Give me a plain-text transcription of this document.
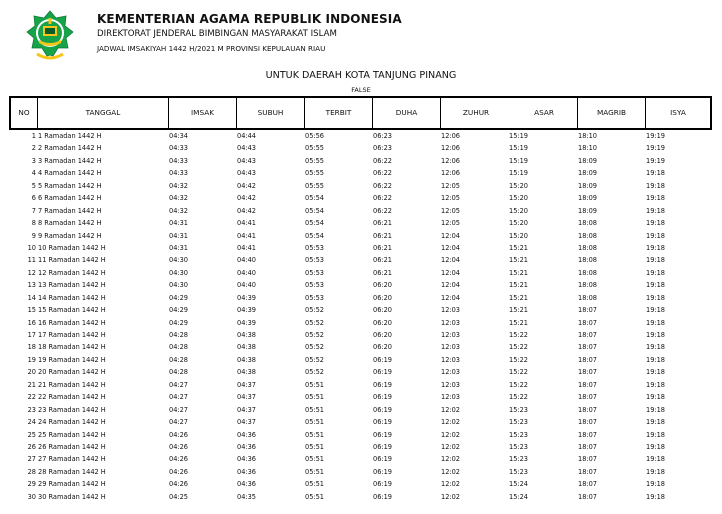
KEMENTERIAN AGAMA REPUBLIK INDONESIA
DIREKTORAT JENDERAL BIMBINGAN MASYARAKAT ISLAM
JADWAL IMSAKIYAH 1442 H/2021 M PROVINSI KEPULAUAN RIAU
UNTUK DAERAH KOTA TANJUNG PINANG
FALSE
NO	TANGGAL	IMSAK	SUBUH	TERBIT	DUHA	ZUHUR	ASAR	MAGRIB	ISYA
1 1 Ramadan 1442 H	04:34	04:44	05:56	06:23	12:06	15:19	18:10	19:19
2 2 Ramadan 1442 H	04:33	04:43	05:55	06:23	12:06	15:19	18:10	19:19
3 3 Ramadan 1442 H	04:33	04:43	05:55	06:22	12:06	15:19	18:09	19:19
4 4 Ramadan 1442 H	04:33	04:43	05:55	06:22	12:06	15:19	18:09	19:18
5 5 Ramadan 1442 H	04:32	04:42	05:55	06:22	12:05	15:20	18:09	19:18
6 6 Ramadan 1442 H	04:32	04:42	05:54	06:22	12:05	15:20	18:09	19:18
7 7 Ramadan 1442 H	04:32	04:42	05:54	06:22	12:05	15:20	18:09	19:18
8 8 Ramadan 1442 H	04:31	04:41	05:54	06:21	12:05	15:20	18:08	19:18
9 9 Ramadan 1442 H	04:31	04:41	05:54	06:21	12:04	15:20	18:08	19:18
10 10 Ramadan 1442 H	04:31	04:41	05:53	06:21	12:04	15:21	18:08	19:18
11 11 Ramadan 1442 H	04:30	04:40	05:53	06:21	12:04	15:21	18:08	19:18
12 12 Ramadan 1442 H	04:30	04:40	05:53	06:21	12:04	15:21	18:08	19:18
13 13 Ramadan 1442 H	04:30	04:40	05:53	06:20	12:04	15:21	18:08	19:18
14 14 Ramadan 1442 H	04:29	04:39	05:53	06:20	12:04	15:21	18:08	19:18
15 15 Ramadan 1442 H	04:29	04:39	05:52	06:20	12:03	15:21	18:07	19:18
16 16 Ramadan 1442 H	04:29	04:39	05:52	06:20	12:03	15:21	18:07	19:18
17 17 Ramadan 1442 H	04:28	04:38	05:52	06:20	12:03	15:22	18:07	19:18
18 18 Ramadan 1442 H	04:28	04:38	05:52	06:20	12:03	15:22	18:07	19:18
19 19 Ramadan 1442 H	04:28	04:38	05:52	06:19	12:03	15:22	18:07	19:18
20 20 Ramadan 1442 H	04:28	04:38	05:52	06:19	12:03	15:22	18:07	19:18
21 21 Ramadan 1442 H	04:27	04:37	05:51	06:19	12:03	15:22	18:07	19:18
22 22 Ramadan 1442 H	04:27	04:37	05:51	06:19	12:03	15:22	18:07	19:18
23 23 Ramadan 1442 H	04:27	04:37	05:51	06:19	12:02	15:23	18:07	19:18
24 24 Ramadan 1442 H	04:27	04:37	05:51	06:19	12:02	15:23	18:07	19:18
25 25 Ramadan 1442 H	04:26	04:36	05:51	06:19	12:02	15:23	18:07	19:18
26 26 Ramadan 1442 H	04:26	04:36	05:51	06:19	12:02	15:23	18:07	19:18
27 27 Ramadan 1442 H	04:26	04:36	05:51	06:19	12:02	15:23	18:07	19:18
28 28 Ramadan 1442 H	04:26	04:36	05:51	06:19	12:02	15:23	18:07	19:18
29 29 Ramadan 1442 H	04:26	04:36	05:51	06:19	12:02	15:24	18:07	19:18
30 30 Ramadan 1442 H	04:25	04:35	05:51	06:19	12:02	15:24	18:07	19:18
